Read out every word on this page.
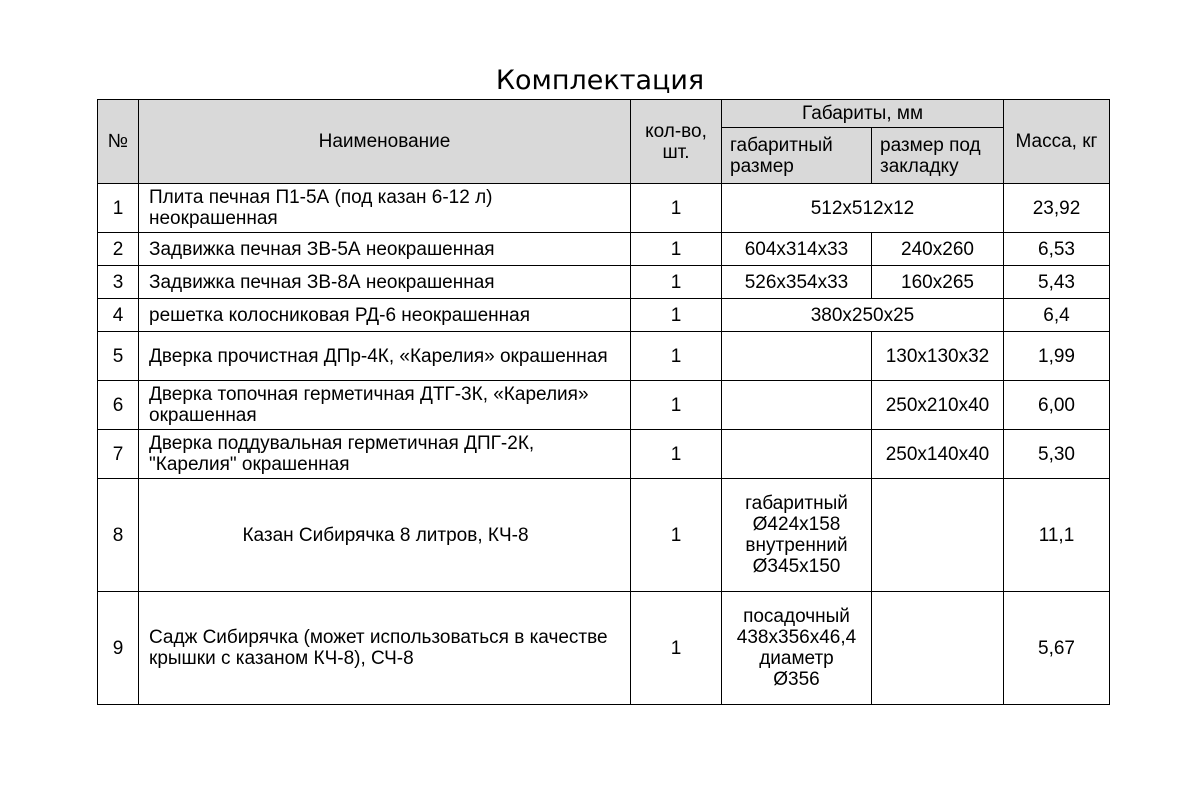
Комплектация
№	Наименование	кол-во, шт.	Габариты, мм		Масса, кг
			габаритный размер	размер под закладку	
1	Плита печная П1-5А (под казан 6-12 л) неокрашенная	1	512х512х12		23,92
2	Задвижка печная ЗВ-5А неокрашенная	1	604х314х33	240х260	6,53
3	Задвижка печная ЗВ-8А неокрашенная	1	526х354х33	160х265	5,43
4	решетка колосниковая РД-6 неокрашенная	1	380х250х25		6,4
5	Дверка прочистная ДПр-4К, «Карелия» окрашенная	1		130х130х32	1,99
6	Дверка топочная герметичная ДТГ-3К, «Карелия» окрашенная	1		250х210х40	6,00
7	Дверка поддувальная герметичная ДПГ-2К, "Карелия" окрашенная	1		250х140х40	5,30
8	Казан Сибирячка 8 литров, КЧ-8	1	габаритный
Ø424х158
внутренний
Ø345х150		11,1
9	Садж Сибирячка (может использоваться в качестве крышки с казаном КЧ-8), СЧ-8	1	посадочный
438х356х46,4
диаметр
Ø356		5,67
